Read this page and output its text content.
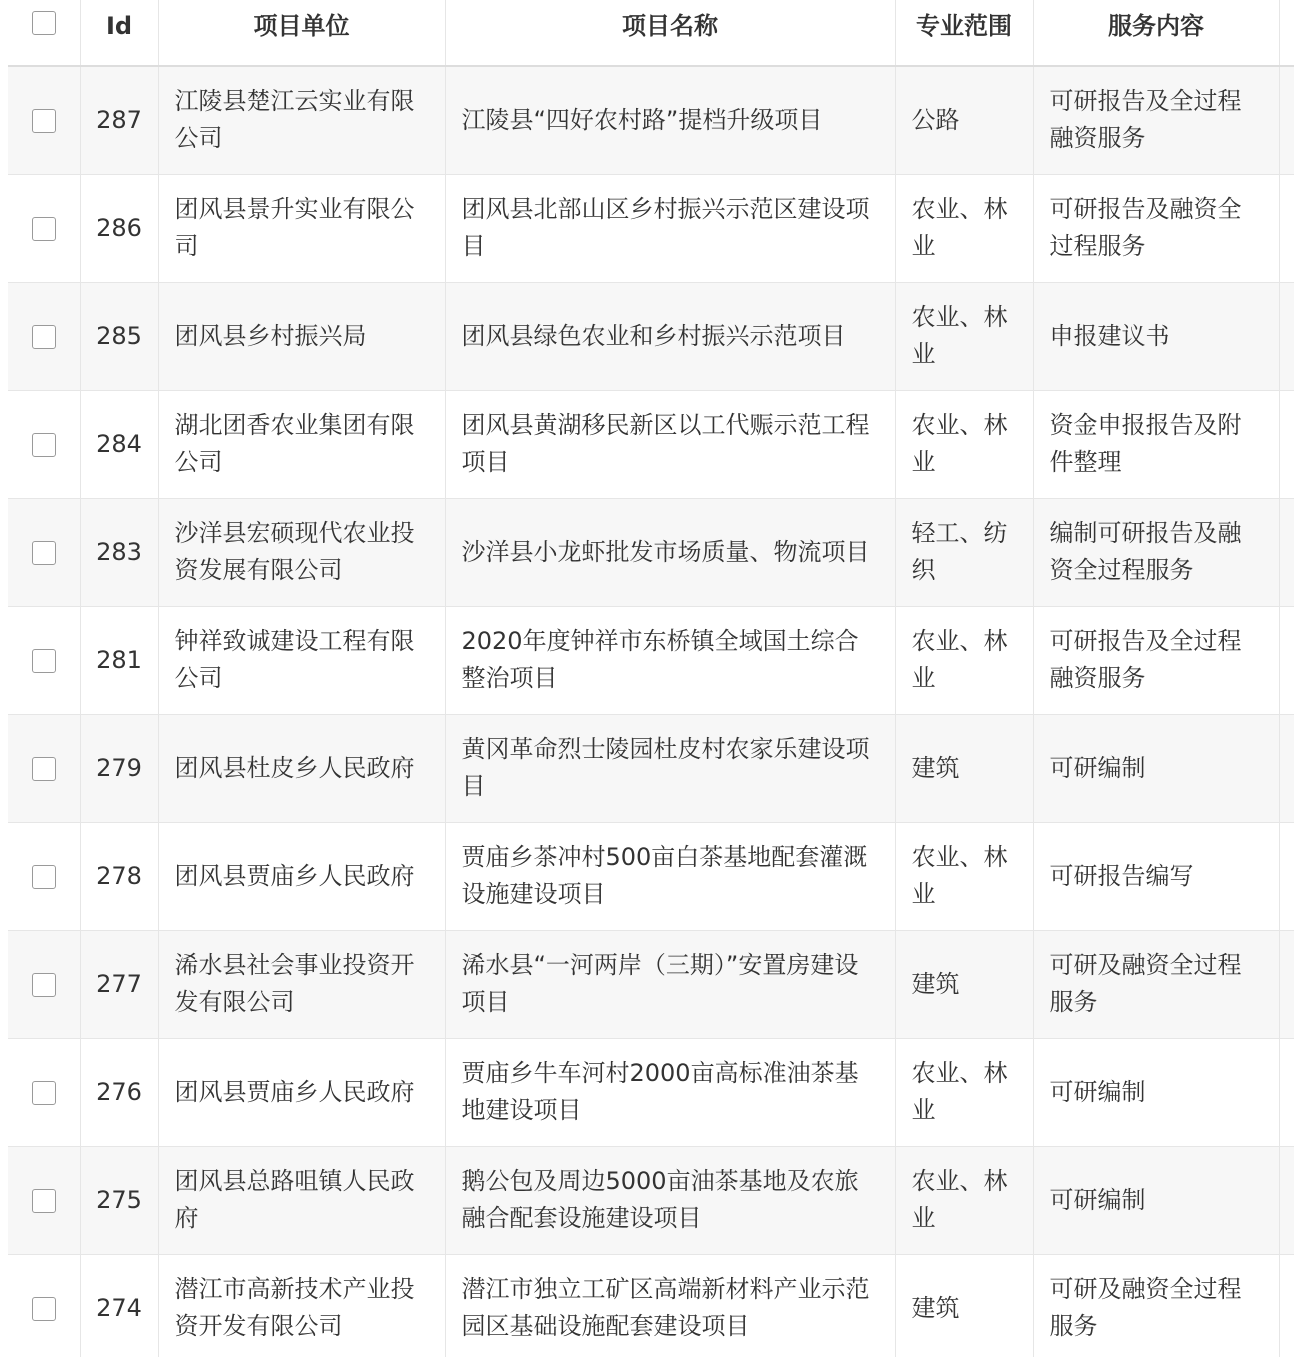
	Id	项目单位	项目名称	专业范围	服务内容	
	287	江陵县楚江云实业有限公司	江陵县“四好农村路”提档升级项目	公路	可研报告及全过程融资服务	
	286	团风县景升实业有限公司	团风县北部山区乡村振兴示范区建设项目	农业、林业	可研报告及融资全过程服务	
	285	团风县乡村振兴局	团风县绿色农业和乡村振兴示范项目	农业、林业	申报建议书	
	284	湖北团香农业集团有限公司	团风县黄湖移民新区以工代赈示范工程项目	农业、林业	资金申报报告及附件整理	
	283	沙洋县宏硕现代农业投资发展有限公司	沙洋县小龙虾批发市场质量、物流项目	轻工、纺织	编制可研报告及融资全过程服务	
	281	钟祥致诚建设工程有限公司	2020年度钟祥市东桥镇全域国土综合整治项目	农业、林业	可研报告及全过程融资服务	
	279	团风县杜皮乡人民政府	黄冈革命烈士陵园杜皮村农家乐建设项目	建筑	可研编制	
	278	团风县贾庙乡人民政府	贾庙乡茶冲村500亩白茶基地配套灌溉设施建设项目	农业、林业	可研报告编写	
	277	浠水县社会事业投资开发有限公司	浠水县“一河两岸（三期）”安置房建设项目	建筑	可研及融资全过程服务	
	276	团风县贾庙乡人民政府	贾庙乡牛车河村2000亩高标准油茶基地建设项目	农业、林业	可研编制	
	275	团风县总路咀镇人民政府	鹅公包及周边5000亩油茶基地及农旅融合配套设施建设项目	农业、林业	可研编制	
	274	潜江市高新技术产业投资开发有限公司	潜江市独立工矿区高端新材料产业示范园区基础设施配套建设项目	建筑	可研及融资全过程服务	
